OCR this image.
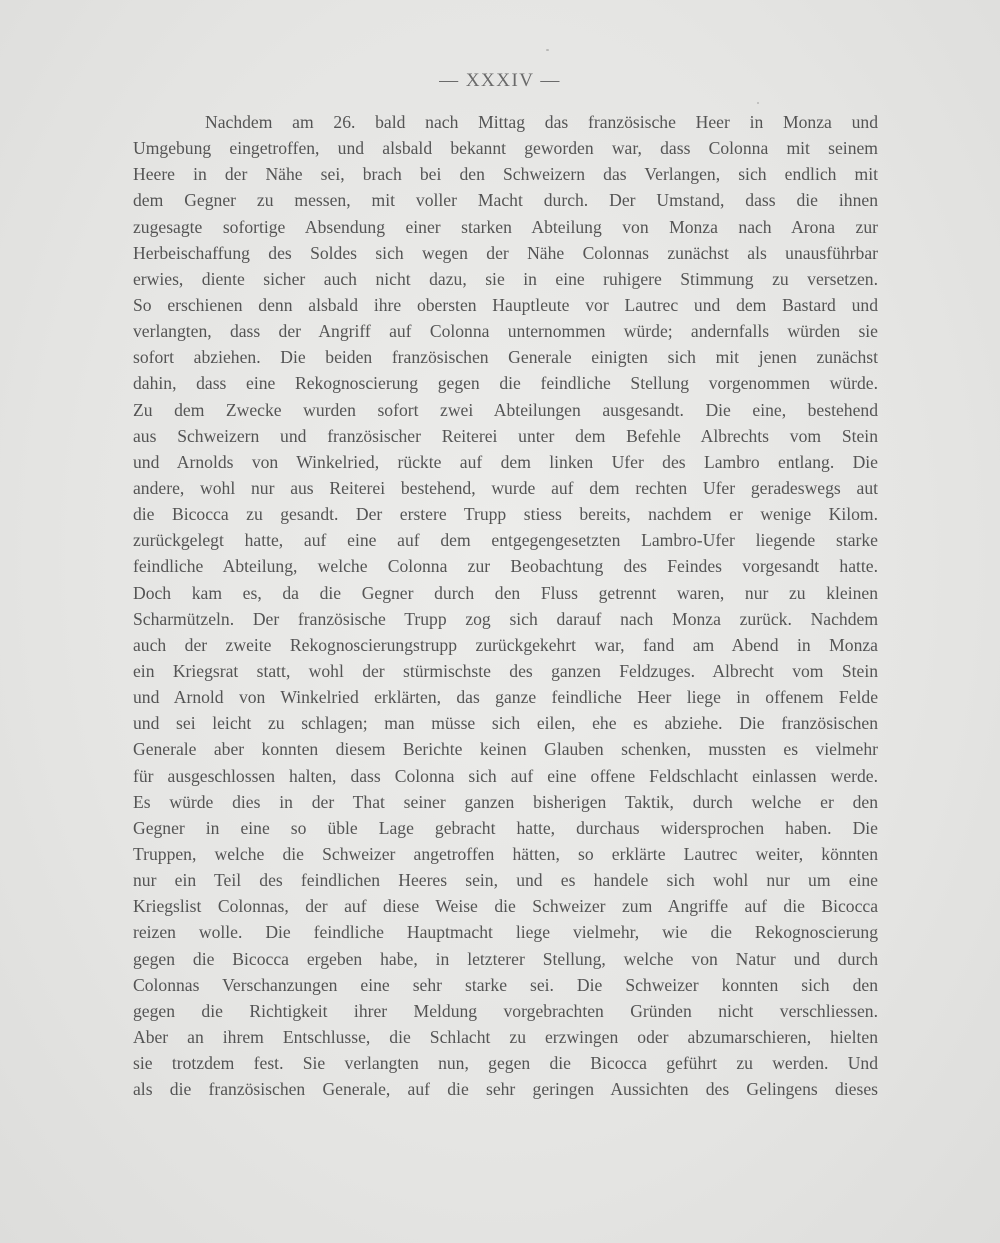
— XXXIV —
Nachdem am 26. bald nach Mittag das französische Heer in Monza und
Umgebung eingetroffen, und alsbald bekannt geworden war, dass Colonna mit seinem
Heere in der Nähe sei, brach bei den Schweizern das Verlangen, sich endlich mit
dem Gegner zu messen, mit voller Macht durch. Der Umstand, dass die ihnen
zugesagte sofortige Absendung einer starken Abteilung von Monza nach Arona zur
Herbeischaffung des Soldes sich wegen der Nähe Colonnas zunächst als unausführbar
erwies, diente sicher auch nicht dazu, sie in eine ruhigere Stimmung zu versetzen.
So erschienen denn alsbald ihre obersten Hauptleute vor Lautrec und dem Bastard und
verlangten, dass der Angriff auf Colonna unternommen würde; andernfalls würden sie
sofort abziehen. Die beiden französischen Generale einigten sich mit jenen zunächst
dahin, dass eine Rekognoscierung gegen die feindliche Stellung vorgenommen würde.
Zu dem Zwecke wurden sofort zwei Abteilungen ausgesandt. Die eine, bestehend
aus Schweizern und französischer Reiterei unter dem Befehle Albrechts vom Stein
und Arnolds von Winkelried, rückte auf dem linken Ufer des Lambro entlang. Die
andere, wohl nur aus Reiterei bestehend, wurde auf dem rechten Ufer geradeswegs aut
die Bicocca zu gesandt. Der erstere Trupp stiess bereits, nachdem er wenige Kilom.
zurückgelegt hatte, auf eine auf dem entgegengesetzten Lambro-Ufer liegende starke
feindliche Abteilung, welche Colonna zur Beobachtung des Feindes vorgesandt hatte.
Doch kam es, da die Gegner durch den Fluss getrennt waren, nur zu kleinen
Scharmützeln. Der französische Trupp zog sich darauf nach Monza zurück. Nachdem
auch der zweite Rekognoscierungstrupp zurückgekehrt war, fand am Abend in Monza
ein Kriegsrat statt, wohl der stürmischste des ganzen Feldzuges. Albrecht vom Stein
und Arnold von Winkelried erklärten, das ganze feindliche Heer liege in offenem Felde
und sei leicht zu schlagen; man müsse sich eilen, ehe es abziehe. Die französischen
Generale aber konnten diesem Berichte keinen Glauben schenken, mussten es vielmehr
für ausgeschlossen halten, dass Colonna sich auf eine offene Feldschlacht einlassen werde.
Es würde dies in der That seiner ganzen bisherigen Taktik, durch welche er den
Gegner in eine so üble Lage gebracht hatte, durchaus widersprochen haben. Die
Truppen, welche die Schweizer angetroffen hätten, so erklärte Lautrec weiter, könnten
nur ein Teil des feindlichen Heeres sein, und es handele sich wohl nur um eine
Kriegslist Colonnas, der auf diese Weise die Schweizer zum Angriffe auf die Bicocca
reizen wolle. Die feindliche Hauptmacht liege vielmehr, wie die Rekognoscierung
gegen die Bicocca ergeben habe, in letzterer Stellung, welche von Natur und durch
Colonnas Verschanzungen eine sehr starke sei. Die Schweizer konnten sich den
gegen die Richtigkeit ihrer Meldung vorgebrachten Gründen nicht verschliessen.
Aber an ihrem Entschlusse, die Schlacht zu erzwingen oder abzumarschieren, hielten
sie trotzdem fest. Sie verlangten nun, gegen die Bicocca geführt zu werden. Und
als die französischen Generale, auf die sehr geringen Aussichten des Gelingens dieses
